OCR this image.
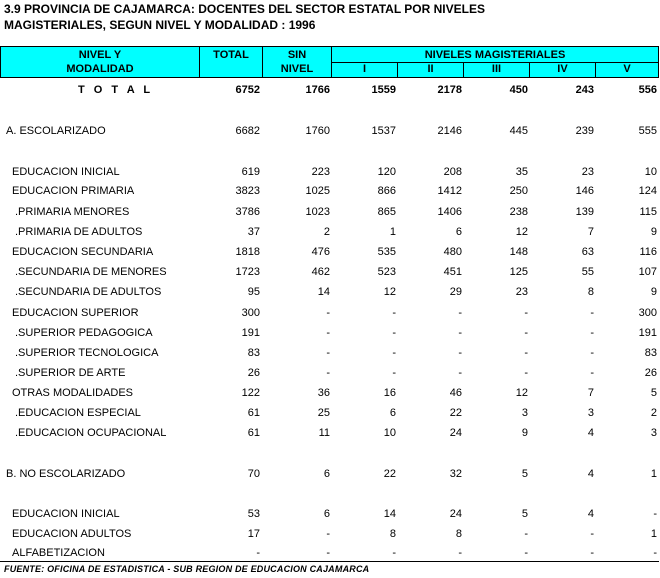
3.9 PROVINCIA DE CAJAMARCA: DOCENTES DEL SECTOR ESTATAL POR NIVELES
MAGISTERIALES, SEGUN NIVEL Y MODALIDAD : 1996
NIVEL Y
MODALIDAD
TOTAL	SIN
NIVEL
NIVELES MAGISTERIALES
I	II	III	IV	V
T O T A L	6752	1766	1559	2178	450	243	556
A. ESCOLARIZADO	6682	1760	1537	2146	445	239	555
EDUCACION INICIAL	619	223	120	208	35	23	10
EDUCACION PRIMARIA	3823	1025	866	1412	250	146	124
.PRIMARIA MENORES	3786	1023	865	1406	238	139	115
.PRIMARIA DE ADULTOS	37	2	1	6	12	7	9
EDUCACION SECUNDARIA	1818	476	535	480	148	63	116
.SECUNDARIA DE MENORES	1723	462	523	451	125	55	107
.SECUNDARIA DE ADULTOS	95	14	12	29	23	8	9
EDUCACION SUPERIOR	300	-	-	-	-	-	300
.SUPERIOR PEDAGOGICA	191	-	-	-	-	-	191
.SUPERIOR TECNOLOGICA	83	-	-	-	-	-	83
.SUPERIOR DE ARTE	26	-	-	-	-	-	26
OTRAS MODALIDADES	122	36	16	46	12	7	5
.EDUCACION ESPECIAL	61	25	6	22	3	3	2
.EDUCACION OCUPACIONAL	61	11	10	24	9	4	3
B. NO ESCOLARIZADO	70	6	22	32	5	4	1
EDUCACION INICIAL	53	6	14	24	5	4	-
EDUCACION ADULTOS	17	-	8	8	-	-	1
ALFABETIZACION	-	-	-	-	-	-	-
FUENTE: OFICINA DE ESTADISTICA - SUB REGION DE EDUCACION CAJAMARCA
